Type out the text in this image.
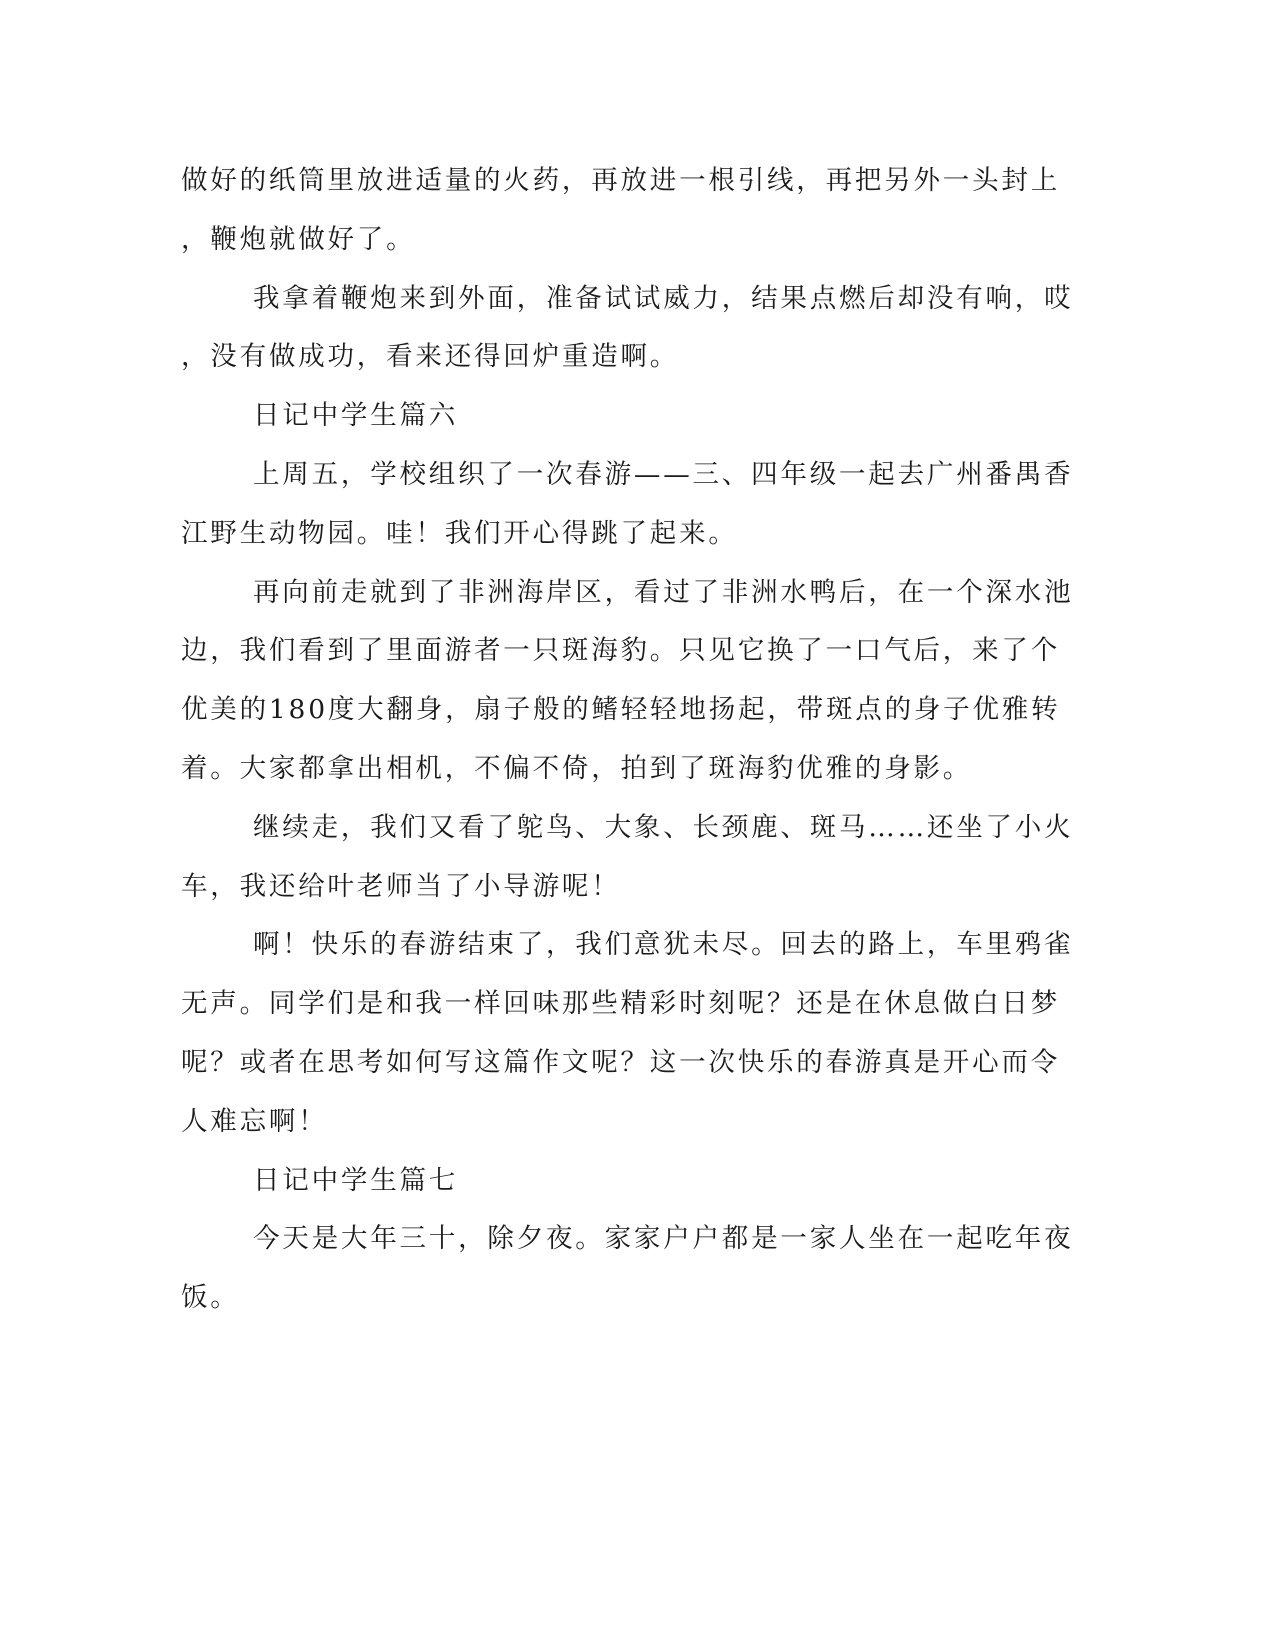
做好的纸筒里放进适量的火药，再放进一根引线，再把另外一头封上
，鞭炮就做好了。
我拿着鞭炮来到外面，准备试试威力，结果点燃后却没有响，哎
，没有做成功，看来还得回炉重造啊。
日记中学生篇六
上周五，学校组织了一次春游——三、四年级一起去广州番禺香
江野生动物园。哇！我们开心得跳了起来。
再向前走就到了非洲海岸区，看过了非洲水鸭后，在一个深水池
边，我们看到了里面游者一只斑海豹。只见它换了一口气后，来了个
优美的180度大翻身，扇子般的鳍轻轻地扬起，带斑点的身子优雅转
着。大家都拿出相机，不偏不倚，拍到了斑海豹优雅的身影。
继续走，我们又看了鸵鸟、大象、长颈鹿、斑马……还坐了小火
车，我还给叶老师当了小导游呢！
啊！快乐的春游结束了，我们意犹未尽。回去的路上，车里鸦雀
无声。同学们是和我一样回味那些精彩时刻呢？还是在休息做白日梦
呢？或者在思考如何写这篇作文呢？这一次快乐的春游真是开心而令
人难忘啊！
日记中学生篇七
今天是大年三十，除夕夜。家家户户都是一家人坐在一起吃年夜
饭。
